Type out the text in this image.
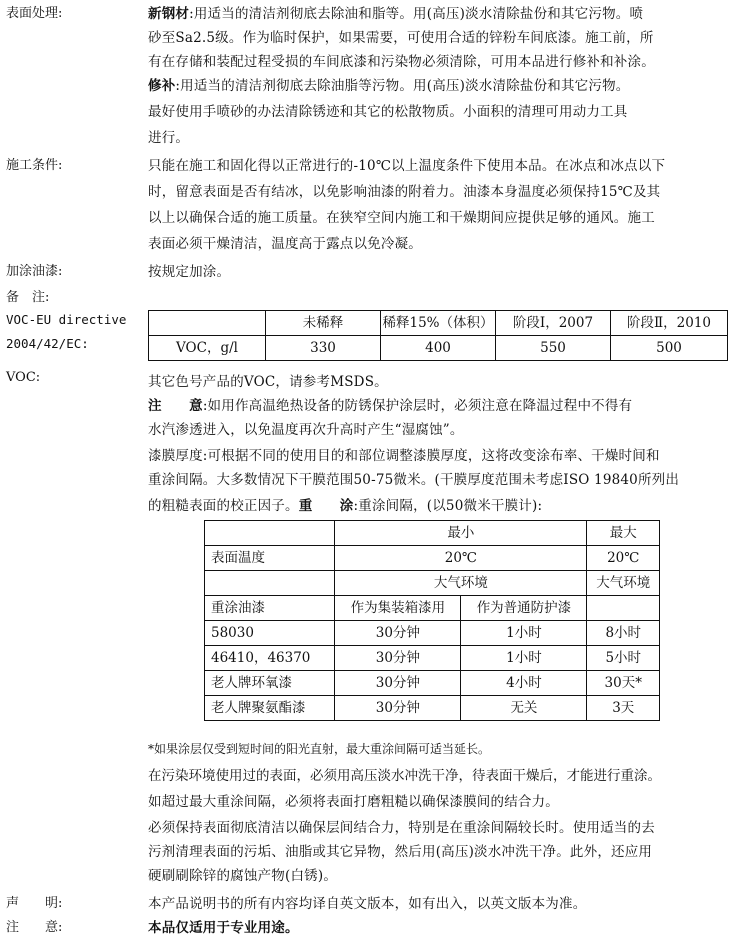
表面处理:	新钢材:用适当的清洁剂彻底去除油和脂等。用(高压)淡水清除盐份和其它污物。喷
砂至Sa2.5级。作为临时保护，如果需要，可使用合适的锌粉车间底漆。施工前，所
有在存储和装配过程受损的车间底漆和污染物必须清除，可用本品进行修补和补涂。
修补:用适当的清洁剂彻底去除油脂等污物。用(高压)淡水清除盐份和其它污物。
最好使用手喷砂的办法清除锈迹和其它的松散物质。小面积的清理可用动力工具
进行。
施工条件:	只能在施工和固化得以正常进行的-10℃以上温度条件下使用本品。在冰点和冰点以下
时，留意表面是否有结冰，以免影响油漆的附着力。油漆本身温度必须保持15℃及其
以上以确保合适的施工质量。在狭窄空间内施工和干燥期间应提供足够的通风。施工
表面必须干燥清洁，温度高于露点以免冷凝。
加涂油漆:	按规定加涂。
备　注:
VOC-EU directive
2004/42/EC:
	未稀释	稀释15%（体积）	阶段Ⅰ，2007	阶段Ⅱ，2010
VOC，g/l	330	400	550	500
VOC:	其它色号产品的VOC，请参考MSDS。
注　　意:如用作高温绝热设备的防锈保护涂层时，必须注意在降温过程中不得有
水汽渗透进入，以免温度再次升高时产生“湿腐蚀”。
漆膜厚度:可根据不同的使用目的和部位调整漆膜厚度，这将改变涂布率、干燥时间和
重涂间隔。大多数情况下干膜范围50-75微米。(干膜厚度范围未考虑ISO 19840所列出
的粗糙表面的校正因子。重　　涂:重涂间隔，(以50微米干膜计):
	最小		最大
表面温度	20℃		20℃
	大气环境		大气环境
重涂油漆	作为集装箱漆用	作为普通防护漆	
58030	30分钟	1小时	8小时
46410，46370	30分钟	1小时	5小时
老人牌环氧漆	30分钟	4小时	30天*
老人牌聚氨酯漆	30分钟	无关	3天
*如果涂层仅受到短时间的阳光直射，最大重涂间隔可适当延长。
在污染环境使用过的表面，必须用高压淡水冲洗干净，待表面干燥后，才能进行重涂。
如超过最大重涂间隔，必须将表面打磨粗糙以确保漆膜间的结合力。
必须保持表面彻底清洁以确保层间结合力，特别是在重涂间隔较长时。使用适当的去
污剂清理表面的污垢、油脂或其它异物，然后用(高压)淡水冲洗干净。此外，还应用
硬刷刷除锌的腐蚀产物(白锈)。
声　　明:	本产品说明书的所有内容均译自英文版本，如有出入，以英文版本为准。
注　　意:	本品仅适用于专业用途。
